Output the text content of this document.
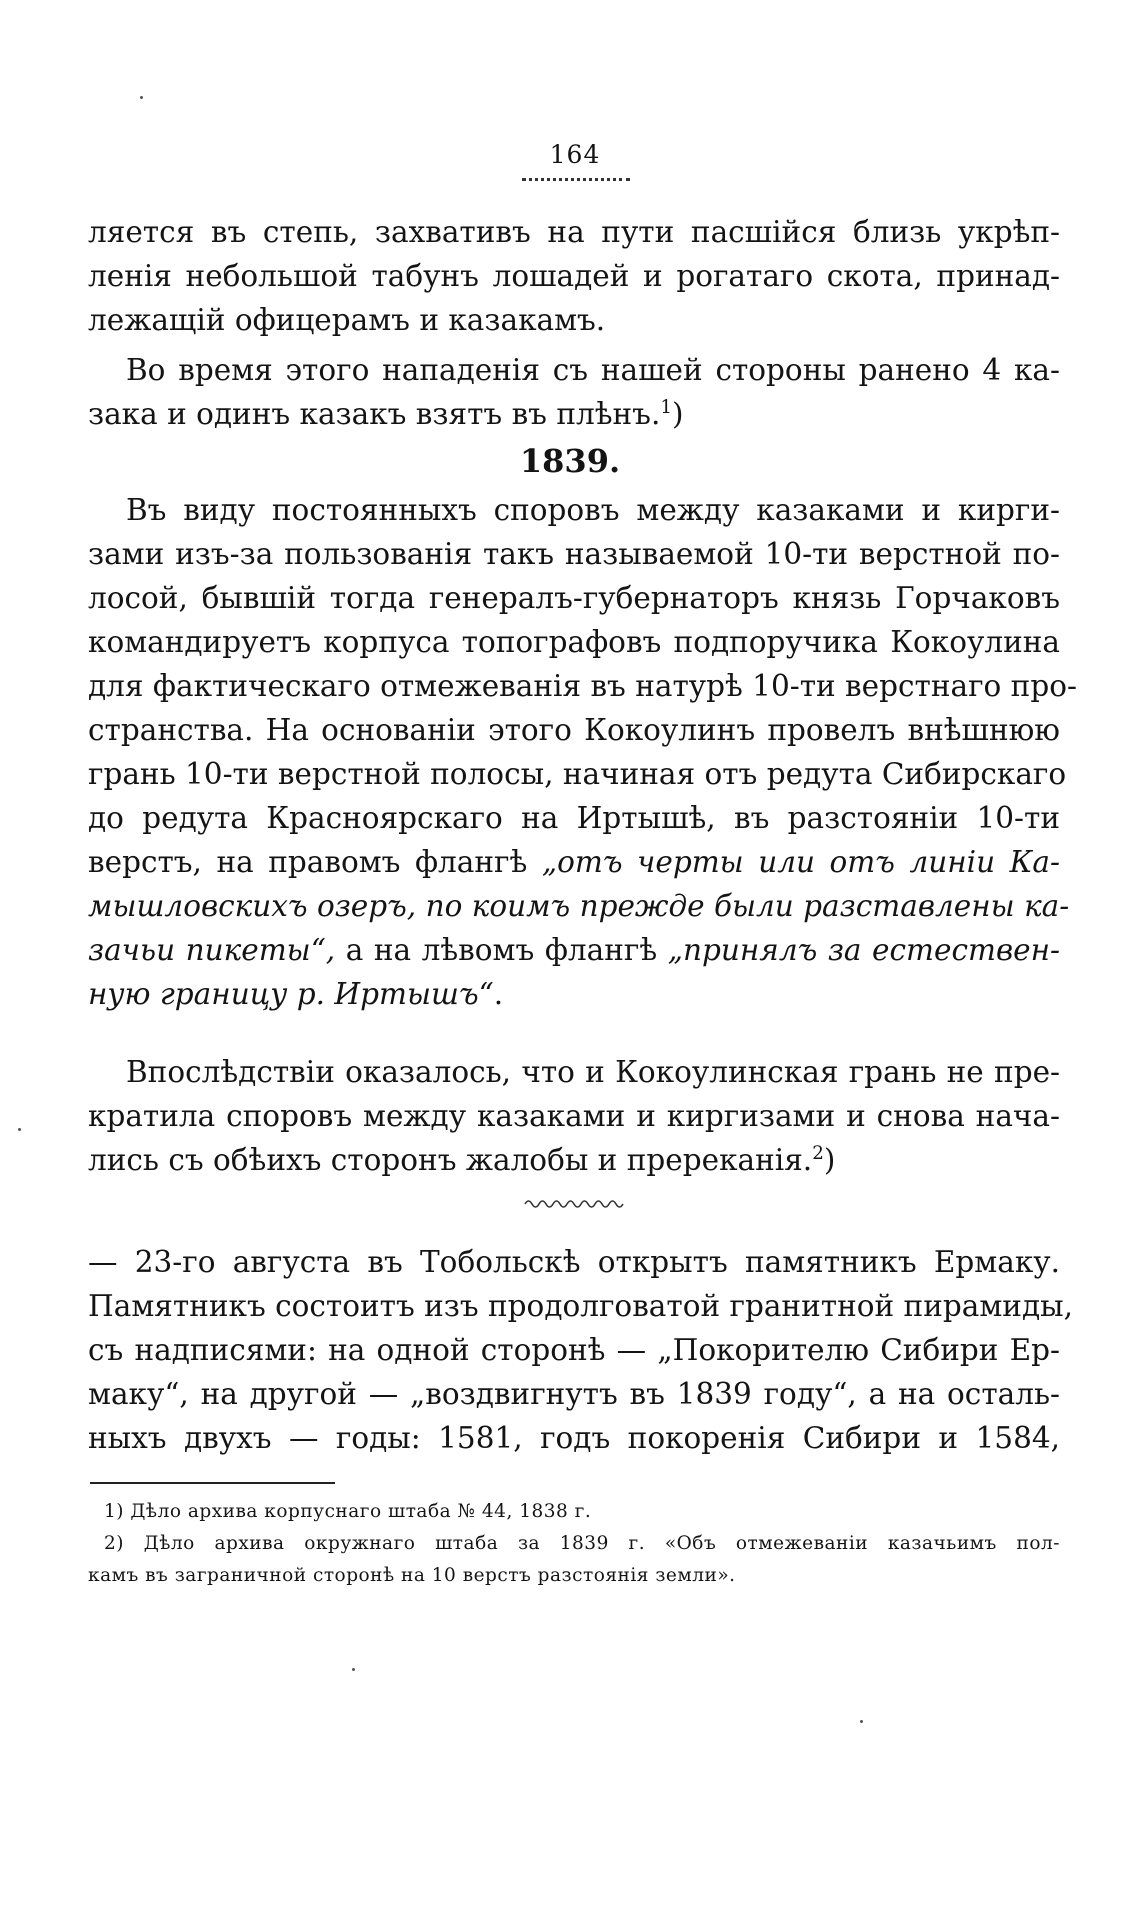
164
ляется въ степь, захвативъ на пути пасшійся близь укрѣп-
ленія небольшой табунъ лошадей и рогатаго скота, принад-
лежащій офицерамъ и казакамъ.
Во время этого нападенія съ нашей стороны ранено 4 ка-
зака и одинъ казакъ взятъ въ плѣнъ.$^1$)
1839.
Въ виду постоянныхъ споровъ между казаками и кирги-
зами изъ-за пользованія такъ называемой 10-ти верстной по-
лосой, бывшій тогда генералъ-губернаторъ князь Горчаковъ
командируетъ корпуса топографовъ подпоручика Кокоулина
для фактическаго отмежеванія въ натурѣ 10-ти верстнаго про-
странства. На основаніи этого Кокоулинъ провелъ внѣшнюю
грань 10-ти верстной полосы, начиная отъ редута Сибирскаго
до редута Красноярскаго на Иртышѣ, въ разстояніи 10-ти
верстъ, на правомъ флангѣ „отъ черты или отъ линіи Ка-
мышловскихъ озеръ, по коимъ прежде были разставлены ка-
зачьи пикеты“, а на лѣвомъ флангѣ „принялъ за естествен-
ную границу р. Иртышъ“.
Впослѣдствіи оказалось, что и Кокоулинская грань не пре-
кратила споровъ между казаками и киргизами и снова нача-
лись съ обѣихъ сторонъ жалобы и пререканія.$^2$)
— 23-го августа въ Тобольскѣ открытъ памятникъ Ермаку.
Памятникъ состоитъ изъ продолговатой гранитной пирамиды,
съ надписями: на одной сторонѣ — „Покорителю Сибири Ер-
маку“, на другой — „воздвигнутъ въ 1839 году“, а на осталь-
ныхъ двухъ — годы: 1581, годъ покоренія Сибири и 1584,
1) Дѣло архива корпуснаго штаба № 44, 1838 г.
2) Дѣло архива окружнаго штаба за 1839 г. «Объ отмежеваніи казачьимъ пол-
камъ въ заграничной сторонѣ на 10 верстъ разстоянія земли».
